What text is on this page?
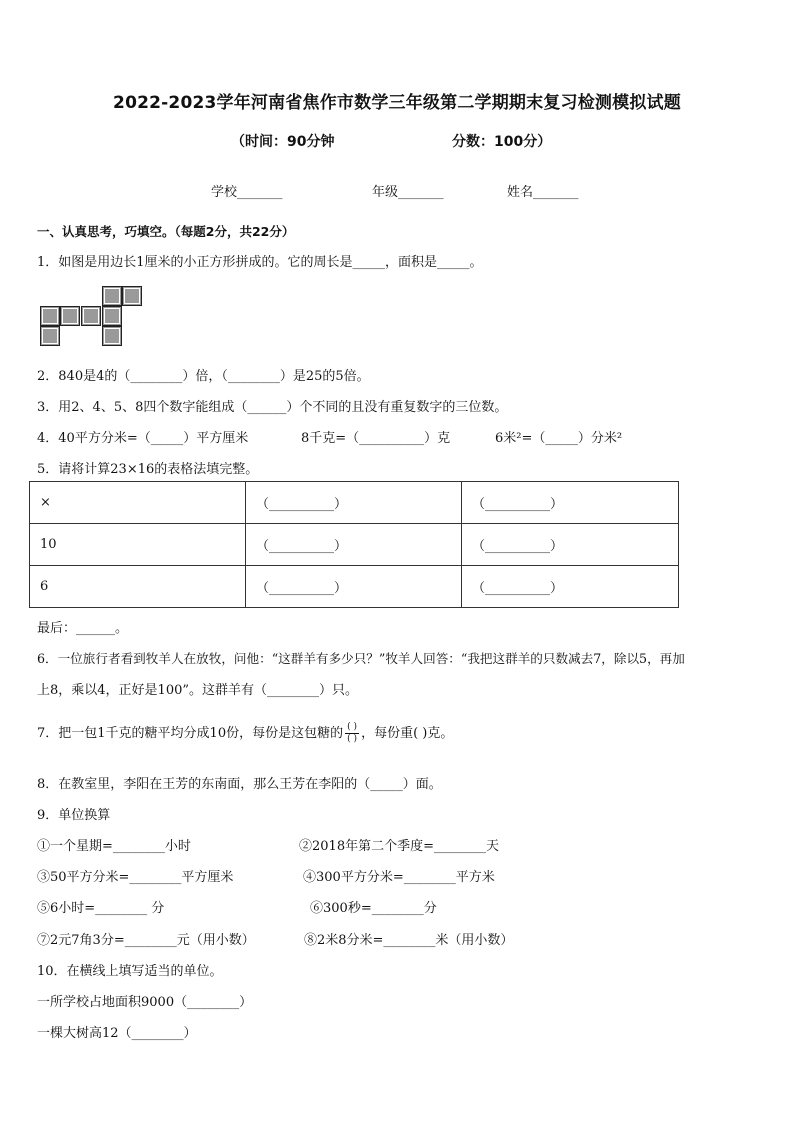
2022-2023学年河南省焦作市数学三年级第二学期期末复习检测模拟试题
（时间：90分钟	分数：100分）
学校_______	年级_______	姓名_______
一、认真思考，巧填空。（每题2分，共22分）
1．如图是用边长1厘米的小正方形拼成的。它的周长是_____，面积是_____。
2．840是4的（________）倍，（________）是25的5倍。
3．用2、4、5、8四个数字能组成（______）个不同的且没有重复数字的三位数。
4．40平方分米=（_____）平方厘米	8千克=（__________）克	6米²=（_____）分米²
5．请将计算23×16的表格法填完整。
×	（__________）	（__________）
10	（__________）	（__________）
6	（__________）	（__________）
最后：______。
6．一位旅行者看到牧羊人在放牧，问他：“这群羊有多少只？”牧羊人回答：“我把这群羊的只数减去7，除以5，再加
上8，乘以4，正好是100”。这群羊有（________）只。
7．把一包1千克的糖平均分成10份，每份是这包糖的 $\frac{( )}{( )}$ ，每份重( )克。
8．在教室里，李阳在王芳的东南面，那么王芳在李阳的（_____）面。
9．单位换算
①一个星期=________小时	②2018年第二个季度=________天
③50平方分米=________平方厘米	④300平方分米=________平方米
⑤6小时=________ 分	⑥300秒=________分
⑦2元7角3分=________元（用小数）	⑧2米8分米=________米（用小数）
10．在横线上填写适当的单位。
一所学校占地面积9000（________）
一棵大树高12（________）
